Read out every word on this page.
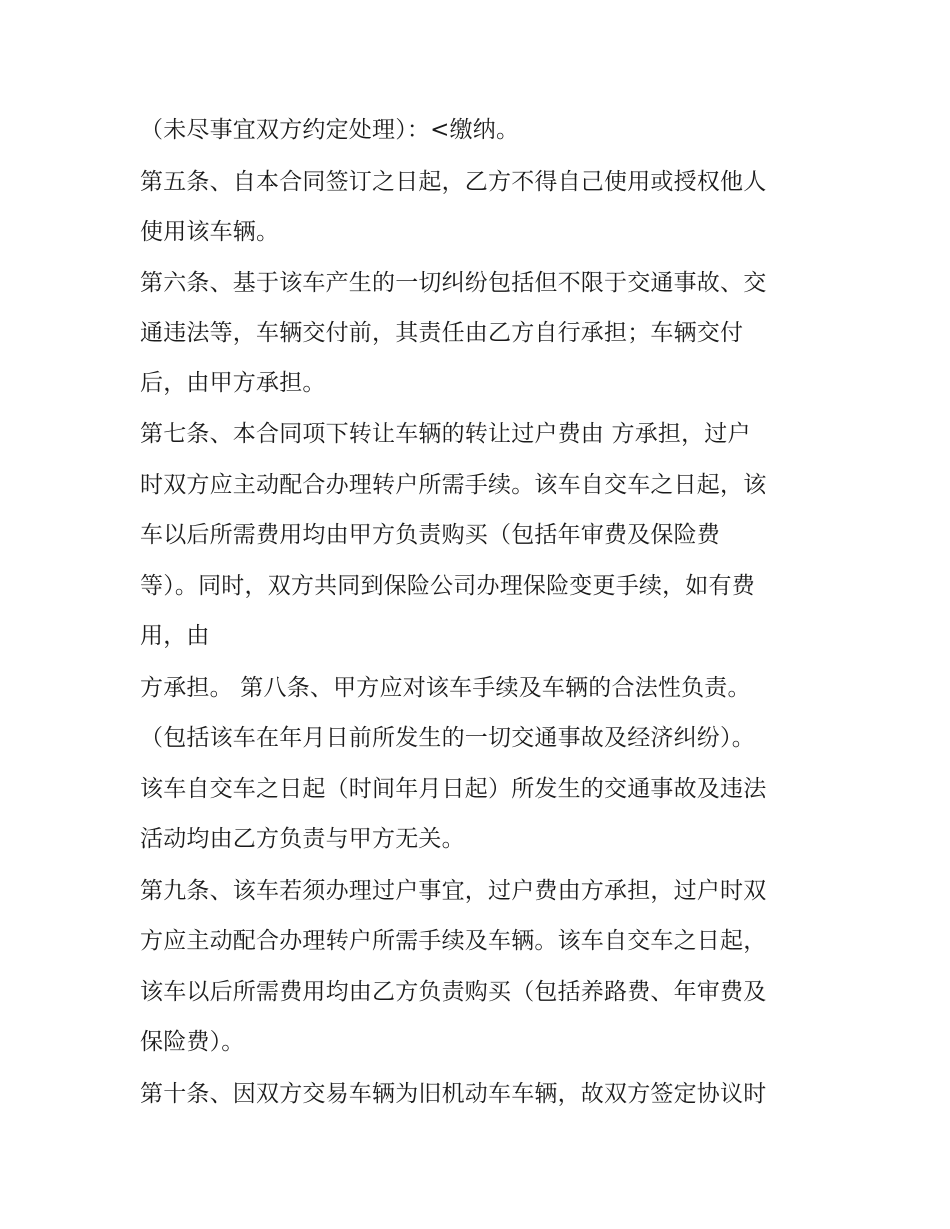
（未尽事宜双方约定处理）：<缴纳。
第五条、自本合同签订之日起，乙方不得自己使用或授权他人
使用该车辆。
第六条、基于该车产生的一切纠纷包括但不限于交通事故、交
通违法等，车辆交付前，其责任由乙方自行承担；车辆交付
后，由甲方承担。
第七条、本合同项下转让车辆的转让过户费由 方承担，过户
时双方应主动配合办理转户所需手续。该车自交车之日起，该
车以后所需费用均由甲方负责购买（包括年审费及保险费
等）。同时，双方共同到保险公司办理保险变更手续，如有费
用，由
方承担。 第八条、甲方应对该车手续及车辆的合法性负责。
（包括该车在年月日前所发生的一切交通事故及经济纠纷）。
该车自交车之日起（时间年月日起）所发生的交通事故及违法
活动均由乙方负责与甲方无关。
第九条、该车若须办理过户事宜，过户费由方承担，过户时双
方应主动配合办理转户所需手续及车辆。该车自交车之日起，
该车以后所需费用均由乙方负责购买（包括养路费、年审费及
保险费）。
第十条、因双方交易车辆为旧机动车车辆，故双方签定协议时
